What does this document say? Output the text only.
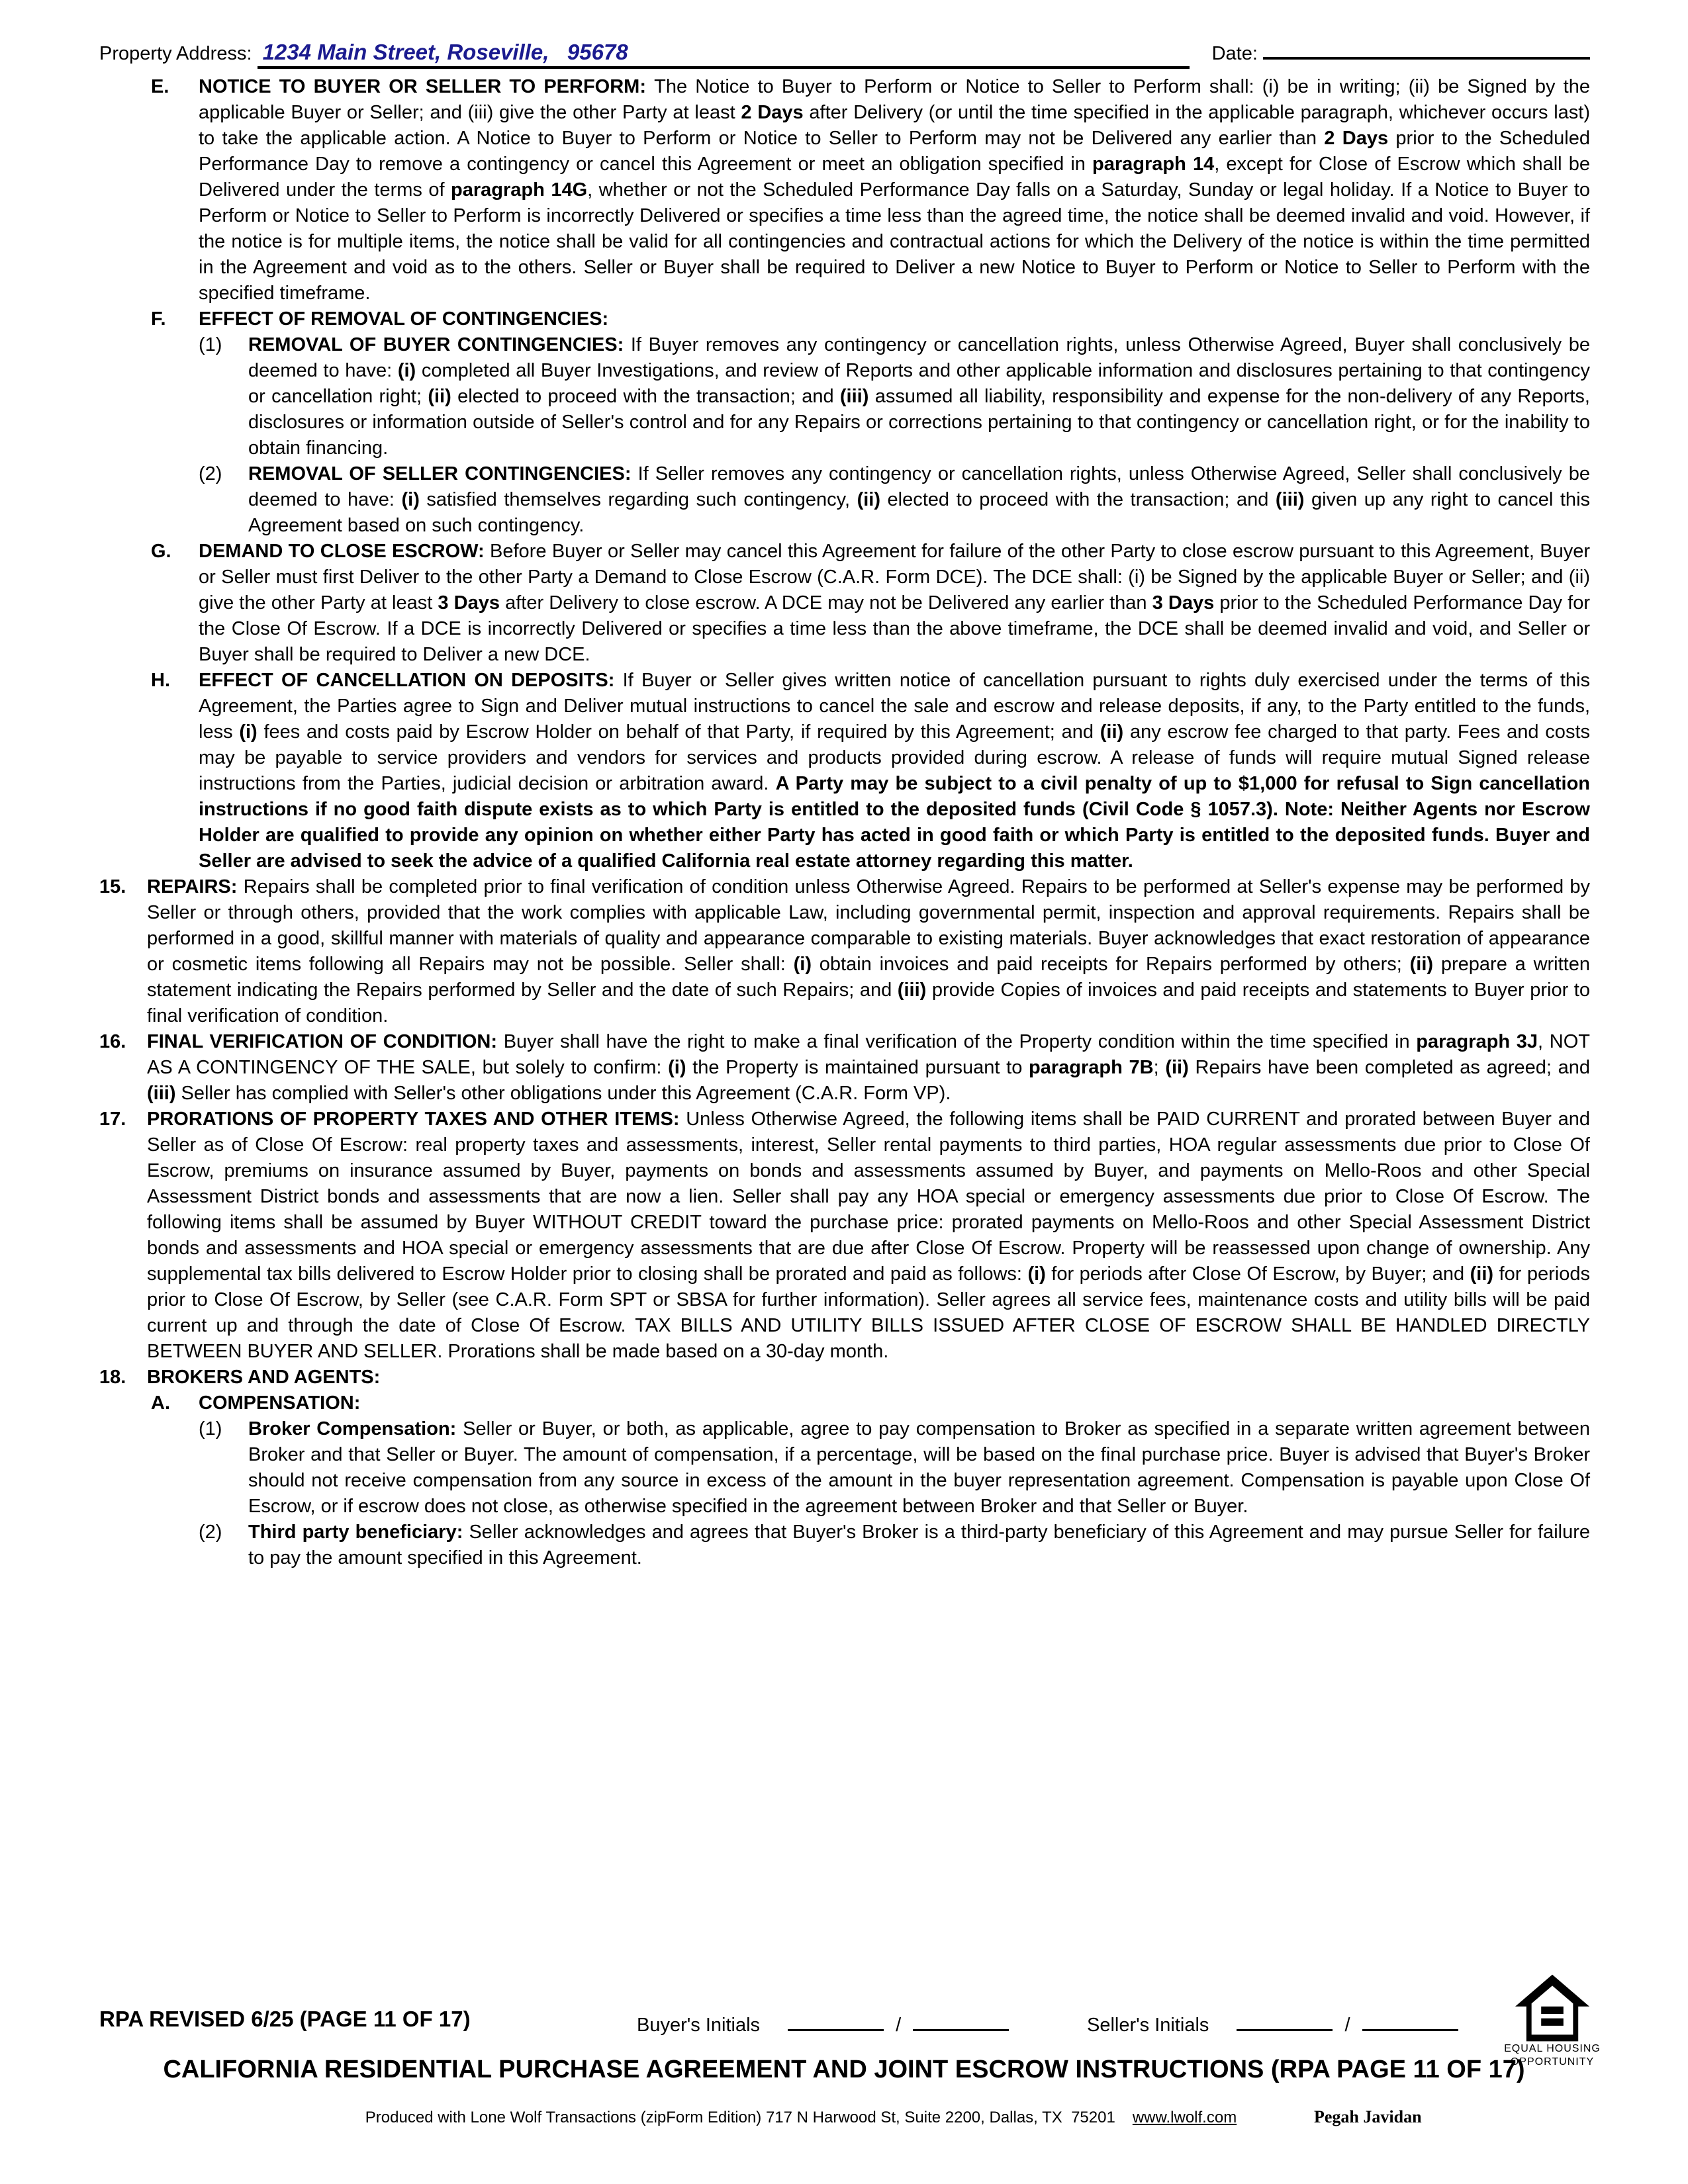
Property Address: 1234 Main Street, Roseville,   95678	Date:
E. NOTICE TO BUYER OR SELLER TO PERFORM: The Notice to Buyer to Perform or Notice to Seller to Perform shall: (i) be in writing; (ii) be Signed by the applicable Buyer or Seller; and (iii) give the other Party at least 2 Days after Delivery (or until the time specified in the applicable paragraph, whichever occurs last) to take the applicable action. A Notice to Buyer to Perform or Notice to Seller to Perform may not be Delivered any earlier than 2 Days prior to the Scheduled Performance Day to remove a contingency or cancel this Agreement or meet an obligation specified in paragraph 14, except for Close of Escrow which shall be Delivered under the terms of paragraph 14G, whether or not the Scheduled Performance Day falls on a Saturday, Sunday or legal holiday. If a Notice to Buyer to Perform or Notice to Seller to Perform is incorrectly Delivered or specifies a time less than the agreed time, the notice shall be deemed invalid and void. However, if the notice is for multiple items, the notice shall be valid for all contingencies and contractual actions for which the Delivery of the notice is within the time permitted in the Agreement and void as to the others. Seller or Buyer shall be required to Deliver a new Notice to Buyer to Perform or Notice to Seller to Perform with the specified timeframe.
F. EFFECT OF REMOVAL OF CONTINGENCIES:
(1) REMOVAL OF BUYER CONTINGENCIES: If Buyer removes any contingency or cancellation rights, unless Otherwise Agreed, Buyer shall conclusively be deemed to have: (i) completed all Buyer Investigations, and review of Reports and other applicable information and disclosures pertaining to that contingency or cancellation right; (ii) elected to proceed with the transaction; and (iii) assumed all liability, responsibility and expense for the non-delivery of any Reports, disclosures or information outside of Seller's control and for any Repairs or corrections pertaining to that contingency or cancellation right, or for the inability to obtain financing.
(2) REMOVAL OF SELLER CONTINGENCIES: If Seller removes any contingency or cancellation rights, unless Otherwise Agreed, Seller shall conclusively be deemed to have: (i) satisfied themselves regarding such contingency, (ii) elected to proceed with the transaction; and (iii) given up any right to cancel this Agreement based on such contingency.
G. DEMAND TO CLOSE ESCROW: Before Buyer or Seller may cancel this Agreement for failure of the other Party to close escrow pursuant to this Agreement, Buyer or Seller must first Deliver to the other Party a Demand to Close Escrow (C.A.R. Form DCE). The DCE shall: (i) be Signed by the applicable Buyer or Seller; and (ii) give the other Party at least 3 Days after Delivery to close escrow. A DCE may not be Delivered any earlier than 3 Days prior to the Scheduled Performance Day for the Close Of Escrow. If a DCE is incorrectly Delivered or specifies a time less than the above timeframe, the DCE shall be deemed invalid and void, and Seller or Buyer shall be required to Deliver a new DCE.
H. EFFECT OF CANCELLATION ON DEPOSITS: If Buyer or Seller gives written notice of cancellation pursuant to rights duly exercised under the terms of this Agreement, the Parties agree to Sign and Deliver mutual instructions to cancel the sale and escrow and release deposits, if any, to the Party entitled to the funds, less (i) fees and costs paid by Escrow Holder on behalf of that Party, if required by this Agreement; and (ii) any escrow fee charged to that party. Fees and costs may be payable to service providers and vendors for services and products provided during escrow. A release of funds will require mutual Signed release instructions from the Parties, judicial decision or arbitration award. A Party may be subject to a civil penalty of up to $1,000 for refusal to Sign cancellation instructions if no good faith dispute exists as to which Party is entitled to the deposited funds (Civil Code § 1057.3). Note: Neither Agents nor Escrow Holder are qualified to provide any opinion on whether either Party has acted in good faith or which Party is entitled to the deposited funds. Buyer and Seller are advised to seek the advice of a qualified California real estate attorney regarding this matter.
15. REPAIRS: Repairs shall be completed prior to final verification of condition unless Otherwise Agreed. Repairs to be performed at Seller's expense may be performed by Seller or through others, provided that the work complies with applicable Law, including governmental permit, inspection and approval requirements. Repairs shall be performed in a good, skillful manner with materials of quality and appearance comparable to existing materials. Buyer acknowledges that exact restoration of appearance or cosmetic items following all Repairs may not be possible. Seller shall: (i) obtain invoices and paid receipts for Repairs performed by others; (ii) prepare a written statement indicating the Repairs performed by Seller and the date of such Repairs; and (iii) provide Copies of invoices and paid receipts and statements to Buyer prior to final verification of condition.
16. FINAL VERIFICATION OF CONDITION: Buyer shall have the right to make a final verification of the Property condition within the time specified in paragraph 3J, NOT AS A CONTINGENCY OF THE SALE, but solely to confirm: (i) the Property is maintained pursuant to paragraph 7B; (ii) Repairs have been completed as agreed; and (iii) Seller has complied with Seller's other obligations under this Agreement (C.A.R. Form VP).
17. PRORATIONS OF PROPERTY TAXES AND OTHER ITEMS: Unless Otherwise Agreed, the following items shall be PAID CURRENT and prorated between Buyer and Seller as of Close Of Escrow: real property taxes and assessments, interest, Seller rental payments to third parties, HOA regular assessments due prior to Close Of Escrow, premiums on insurance assumed by Buyer, payments on bonds and assessments assumed by Buyer, and payments on Mello-Roos and other Special Assessment District bonds and assessments that are now a lien. Seller shall pay any HOA special or emergency assessments due prior to Close Of Escrow. The following items shall be assumed by Buyer WITHOUT CREDIT toward the purchase price: prorated payments on Mello-Roos and other Special Assessment District bonds and assessments and HOA special or emergency assessments that are due after Close Of Escrow. Property will be reassessed upon change of ownership. Any supplemental tax bills delivered to Escrow Holder prior to closing shall be prorated and paid as follows: (i) for periods after Close Of Escrow, by Buyer; and (ii) for periods prior to Close Of Escrow, by Seller (see C.A.R. Form SPT or SBSA for further information). Seller agrees all service fees, maintenance costs and utility bills will be paid current up and through the date of Close Of Escrow. TAX BILLS AND UTILITY BILLS ISSUED AFTER CLOSE OF ESCROW SHALL BE HANDLED DIRECTLY BETWEEN BUYER AND SELLER. Prorations shall be made based on a 30-day month.
18. BROKERS AND AGENTS:
A. COMPENSATION:
(1) Broker Compensation: Seller or Buyer, or both, as applicable, agree to pay compensation to Broker as specified in a separate written agreement between Broker and that Seller or Buyer. The amount of compensation, if a percentage, will be based on the final purchase price. Buyer is advised that Buyer's Broker should not receive compensation from any source in excess of the amount in the buyer representation agreement. Compensation is payable upon Close Of Escrow, or if escrow does not close, as otherwise specified in the agreement between Broker and that Seller or Buyer.
(2) Third party beneficiary: Seller acknowledges and agrees that Buyer's Broker is a third-party beneficiary of this Agreement and may pursue Seller for failure to pay the amount specified in this Agreement.
RPA REVISED 6/25 (PAGE 11 OF 17)	Buyer's Initials	/	Seller's Initials	/
EQUAL HOUSING
OPPORTUNITY
CALIFORNIA RESIDENTIAL PURCHASE AGREEMENT AND JOINT ESCROW INSTRUCTIONS (RPA PAGE 11 OF 17)
Produced with Lone Wolf Transactions (zipForm Edition) 717 N Harwood St, Suite 2200, Dallas, TX  75201 www.lwolf.com	Pegah Javidan
